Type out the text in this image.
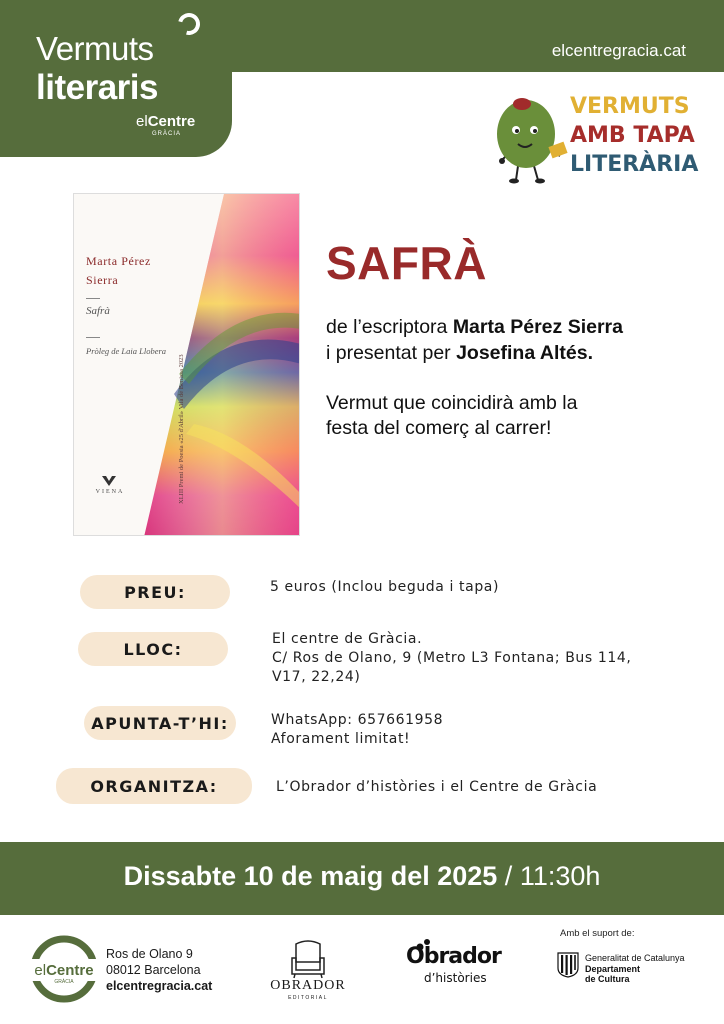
Vermuts
literaris
elCentre
GRÀCIA
elcentregracia.cat
VERMUTS
AMB TAPA
LITERÀRIA
Marta Pérez
Sierra
Safrà
Pròleg de Laia Llobera
XLIII Premi de Poesia «25 d'Abril» Vila de Benissa 2023
VIENA
SAFRÀ
de l’escriptora Marta Pérez Sierra
i presentat per Josefina Altés.
Vermut que coincidirà amb la
festa del comerç al carrer!
PREU:	5 euros (Inclou beguda i tapa)
LLOC:
El centre de Gràcia.
C/ Ros de Olano, 9 (Metro L3 Fontana; Bus 114,
V17, 22,24)
APUNTA-T’HI:	WhatsApp: 657661958
Aforament limitat!
ORGANITZA:	L’Obrador d’històries i el Centre de Gràcia
Dissabte 10 de maig del 2025 / 11:30h
elCentre
GRÀCIA
Ros de Olano 9
08012 Barcelona
elcentregracia.cat	OBRADOR
EDITORIAL
Obrador
d’històries
Amb el suport de:
Generalitat de Catalunya
Departament
de Cultura
